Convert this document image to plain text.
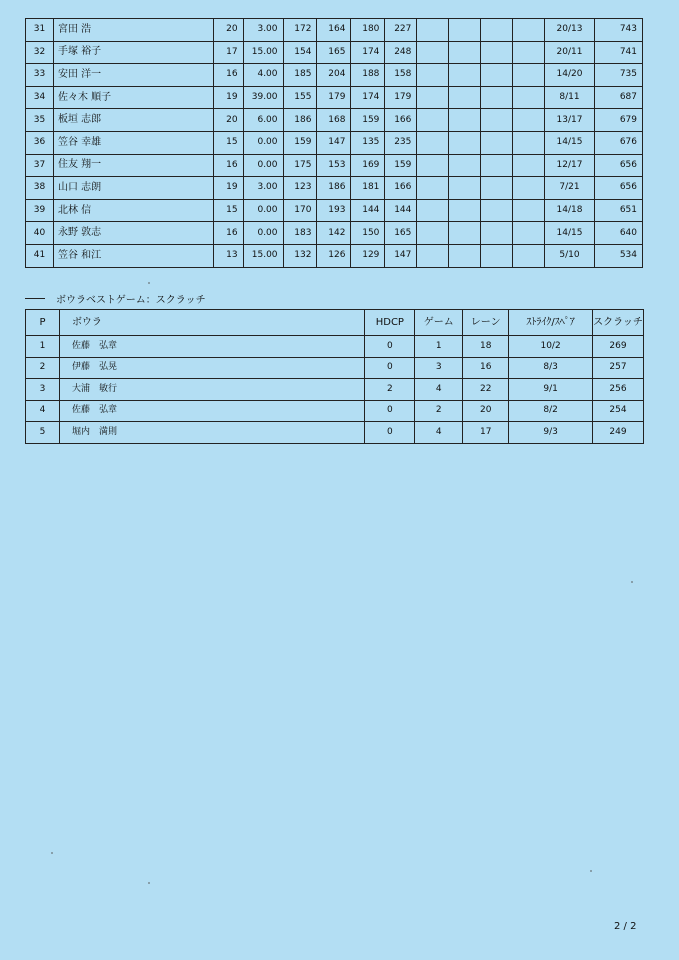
31	宮田 浩	20	3.00	172	164	180	227					20/13	743
32	手塚 裕子	17	15.00	154	165	174	248					20/11	741
33	安田 洋一	16	4.00	185	204	188	158					14/20	735
34	佐々木 順子	19	39.00	155	179	174	179					8/11	687
35	板垣 志郎	20	6.00	186	168	159	166					13/17	679
36	笠谷 幸雄	15	0.00	159	147	135	235					14/15	676
37	住友 翔一	16	0.00	175	153	169	159					12/17	656
38	山口 志朗	19	3.00	123	186	181	166					7/21	656
39	北林 信	15	0.00	170	193	144	144					14/18	651
40	永野 敦志	16	0.00	183	142	150	165					14/15	640
41	笠谷 和江	13	15.00	132	126	129	147					5/10	534
ボウラベストゲーム：スクラッチ
P	ボウラ	HDCP	ゲーム	レーン	ｽﾄﾗｲｸ/ｽﾍﾟｱ	スクラッチ
1	佐藤　弘章	0	1	18	10/2	269
2	伊藤　弘晃	0	3	16	8/3	257
3	大浦　敏行	2	4	22	9/1	256
4	佐藤　弘章	0	2	20	8/2	254
5	堀内　満則	0	4	17	9/3	249
2 / 2
